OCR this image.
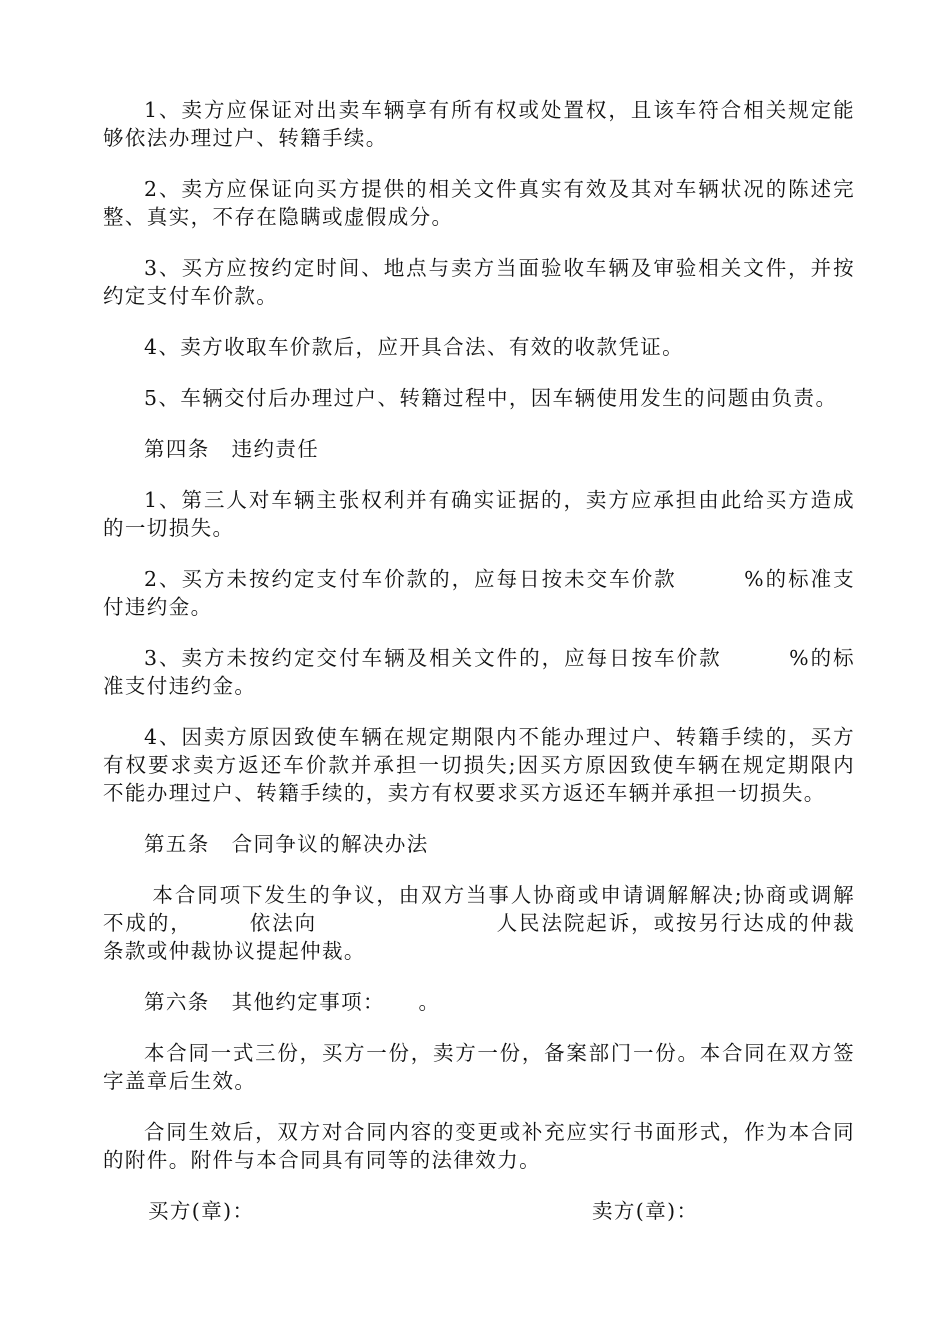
1、卖方应保证对出卖车辆享有所有权或处置权，且该车符合相关规定能够依法办理过户、转籍手续。

2、卖方应保证向买方提供的相关文件真实有效及其对车辆状况的陈述完整、真实，不存在隐瞒或虚假成分。

3、买方应按约定时间、地点与卖方当面验收车辆及审验相关文件，并按约定支付车价款。

4、卖方收取车价款后，应开具合法、有效的收款凭证。

5、车辆交付后办理过户、转籍过程中，因车辆使用发生的问题由负责。

第四条　违约责任

1、第三人对车辆主张权利并有确实证据的，卖方应承担由此给买方造成的一切损失。

2、买方未按约定支付车价款的，应每日按未交车价款　　　%的标准支付违约金。

3、卖方未按约定交付车辆及相关文件的，应每日按车价款　　　%的标准支付违约金。

4、因卖方原因致使车辆在规定期限内不能办理过户、转籍手续的，买方有权要求卖方返还车价款并承担一切损失;因买方原因致使车辆在规定期限内不能办理过户、转籍手续的，卖方有权要求买方返还车辆并承担一切损失。

第五条　合同争议的解决办法

本合同项下发生的争议，由双方当事人协商或申请调解解决;协商或调解不成的，　　　依法向　　　　　　　　人民法院起诉，或按另行达成的仲裁条款或仲裁协议提起仲裁。

第六条　其他约定事项：　　。

本合同一式三份，买方一份，卖方一份，备案部门一份。本合同在双方签字盖章后生效。

合同生效后，双方对合同内容的变更或补充应实行书面形式，作为本合同的附件。附件与本合同具有同等的法律效力。

买方(章)：	卖方(章)：
